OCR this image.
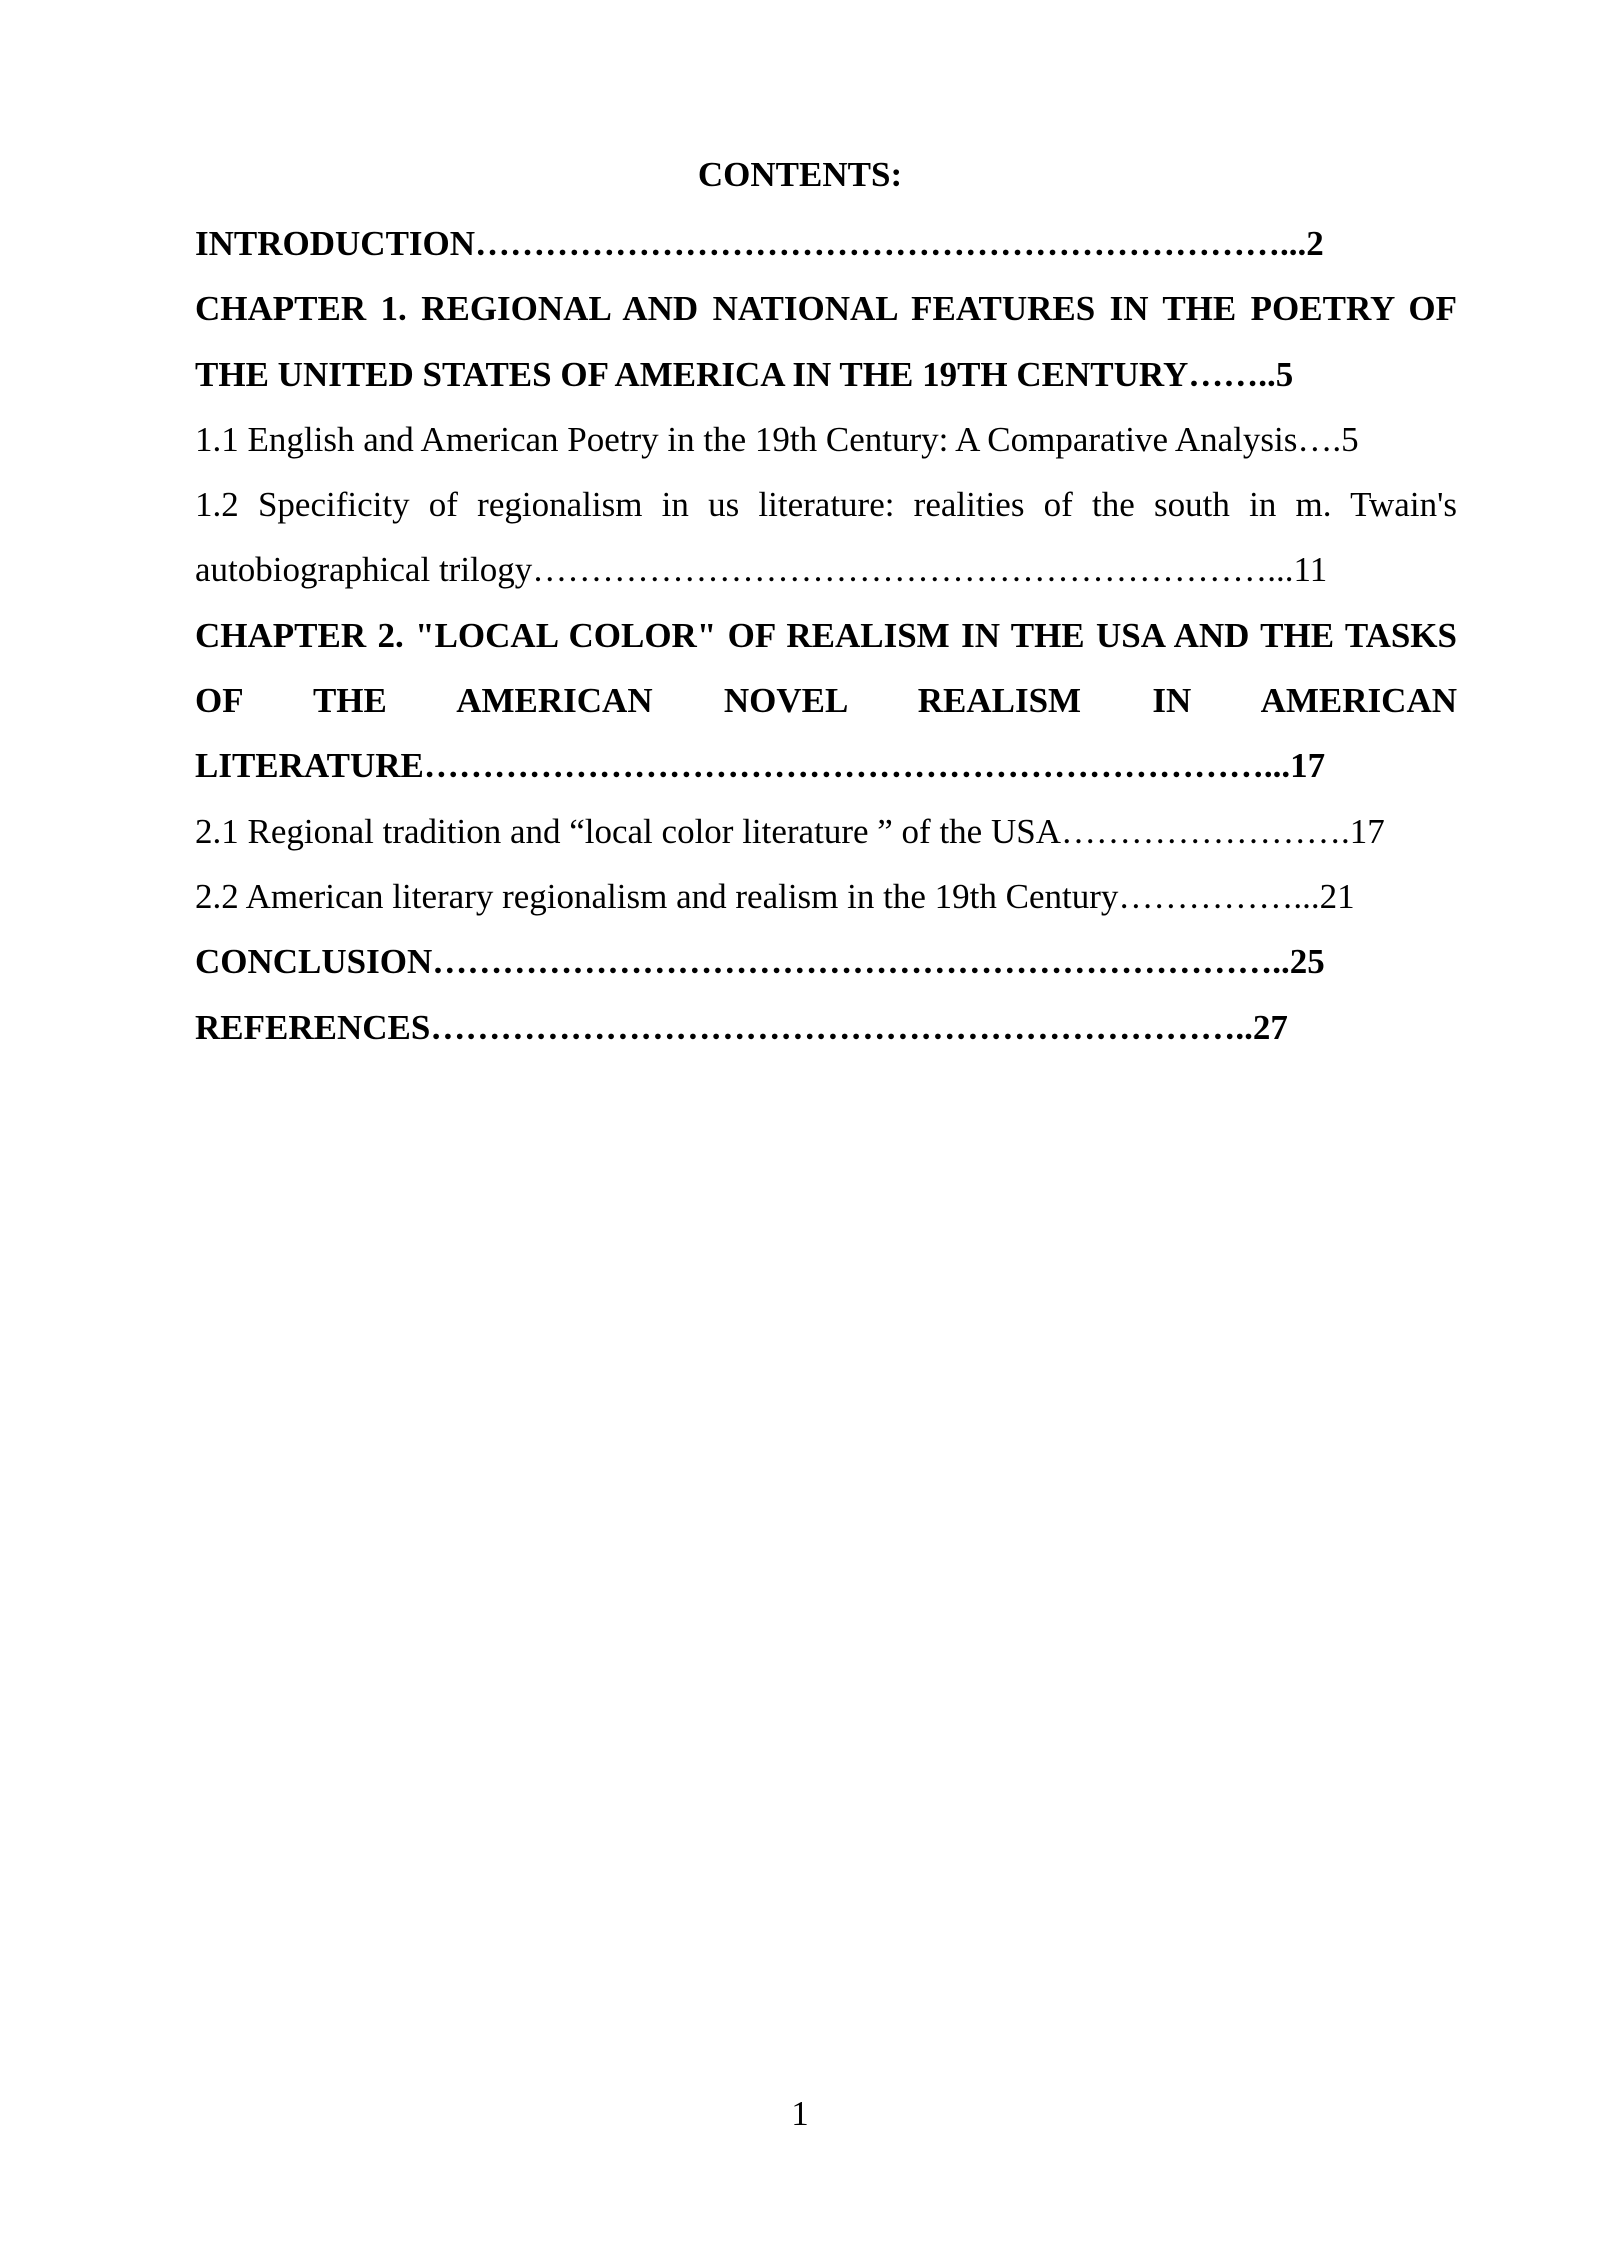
CONTENTS:

INTRODUCTION……………………………………………………………...2

CHAPTER 1. REGIONAL AND NATIONAL FEATURES IN THE POETRY OF THE UNITED STATES OF AMERICA IN THE 19TH CENTURY……..5

1.1 English and American Poetry in the 19th Century: A Comparative Analysis….5

1.2 Specificity of regionalism in us literature: realities of the south in m. Twain's autobiographical trilogy………………………………………………………...11

CHAPTER 2. "LOCAL COLOR" OF REALISM IN THE USA AND THE TASKS OF THE AMERICAN NOVEL REALISM IN AMERICAN LITERATURE………………………………………………………………...17

2.1 Regional tradition and “local color literature ” of the USA…………………….17

2.2 American literary regionalism and realism in the 19th Century……………...21

CONCLUSION………………………………………………………………..25

REFERENCES……………………………………………………………..27

1
